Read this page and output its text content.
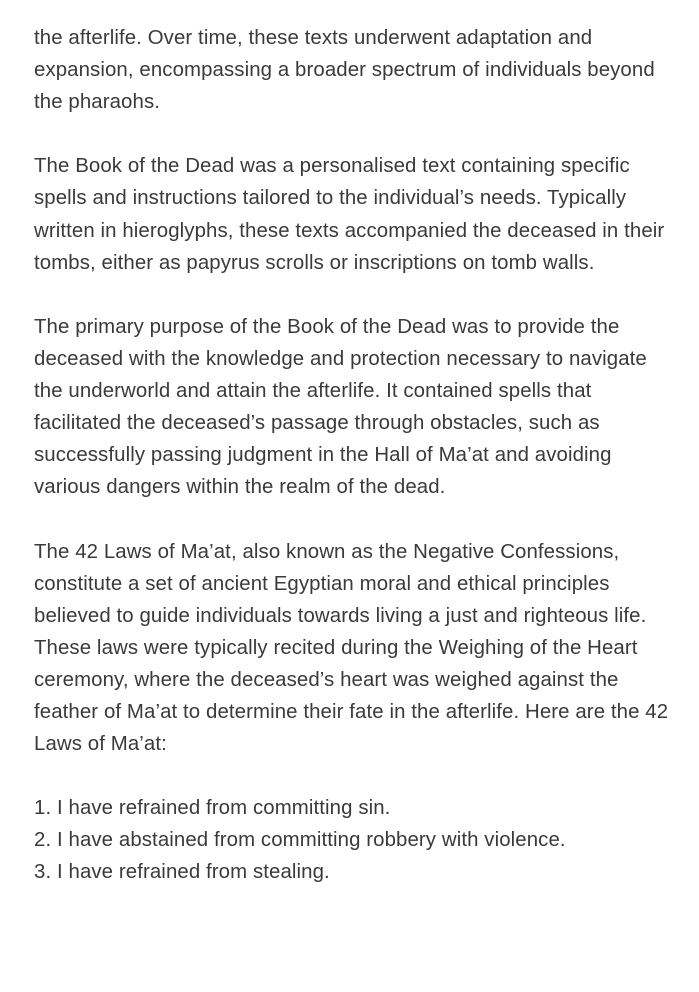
the afterlife. Over time, these texts underwent adaptation and expansion, encompassing a broader spectrum of individuals beyond the pharaohs.

The Book of the Dead was a personalised text containing specific spells and instructions tailored to the individual’s needs. Typically written in hieroglyphs, these texts accompanied the deceased in their tombs, either as papyrus scrolls or inscriptions on tomb walls.

The primary purpose of the Book of the Dead was to provide the deceased with the knowledge and protection necessary to navigate the underworld and attain the afterlife. It contained spells that facilitated the deceased’s passage through obstacles, such as successfully passing judgment in the Hall of Ma’at and avoiding various dangers within the realm of the dead.

The 42 Laws of Ma’at, also known as the Negative Confessions, constitute a set of ancient Egyptian moral and ethical principles believed to guide individuals towards living a just and righteous life. These laws were typically recited during the Weighing of the Heart ceremony, where the deceased’s heart was weighed against the feather of Ma’at to determine their fate in the afterlife. Here are the 42 Laws of Ma’at:

1. I have refrained from committing sin.
2. I have abstained from committing robbery with violence.
3. I have refrained from stealing.
